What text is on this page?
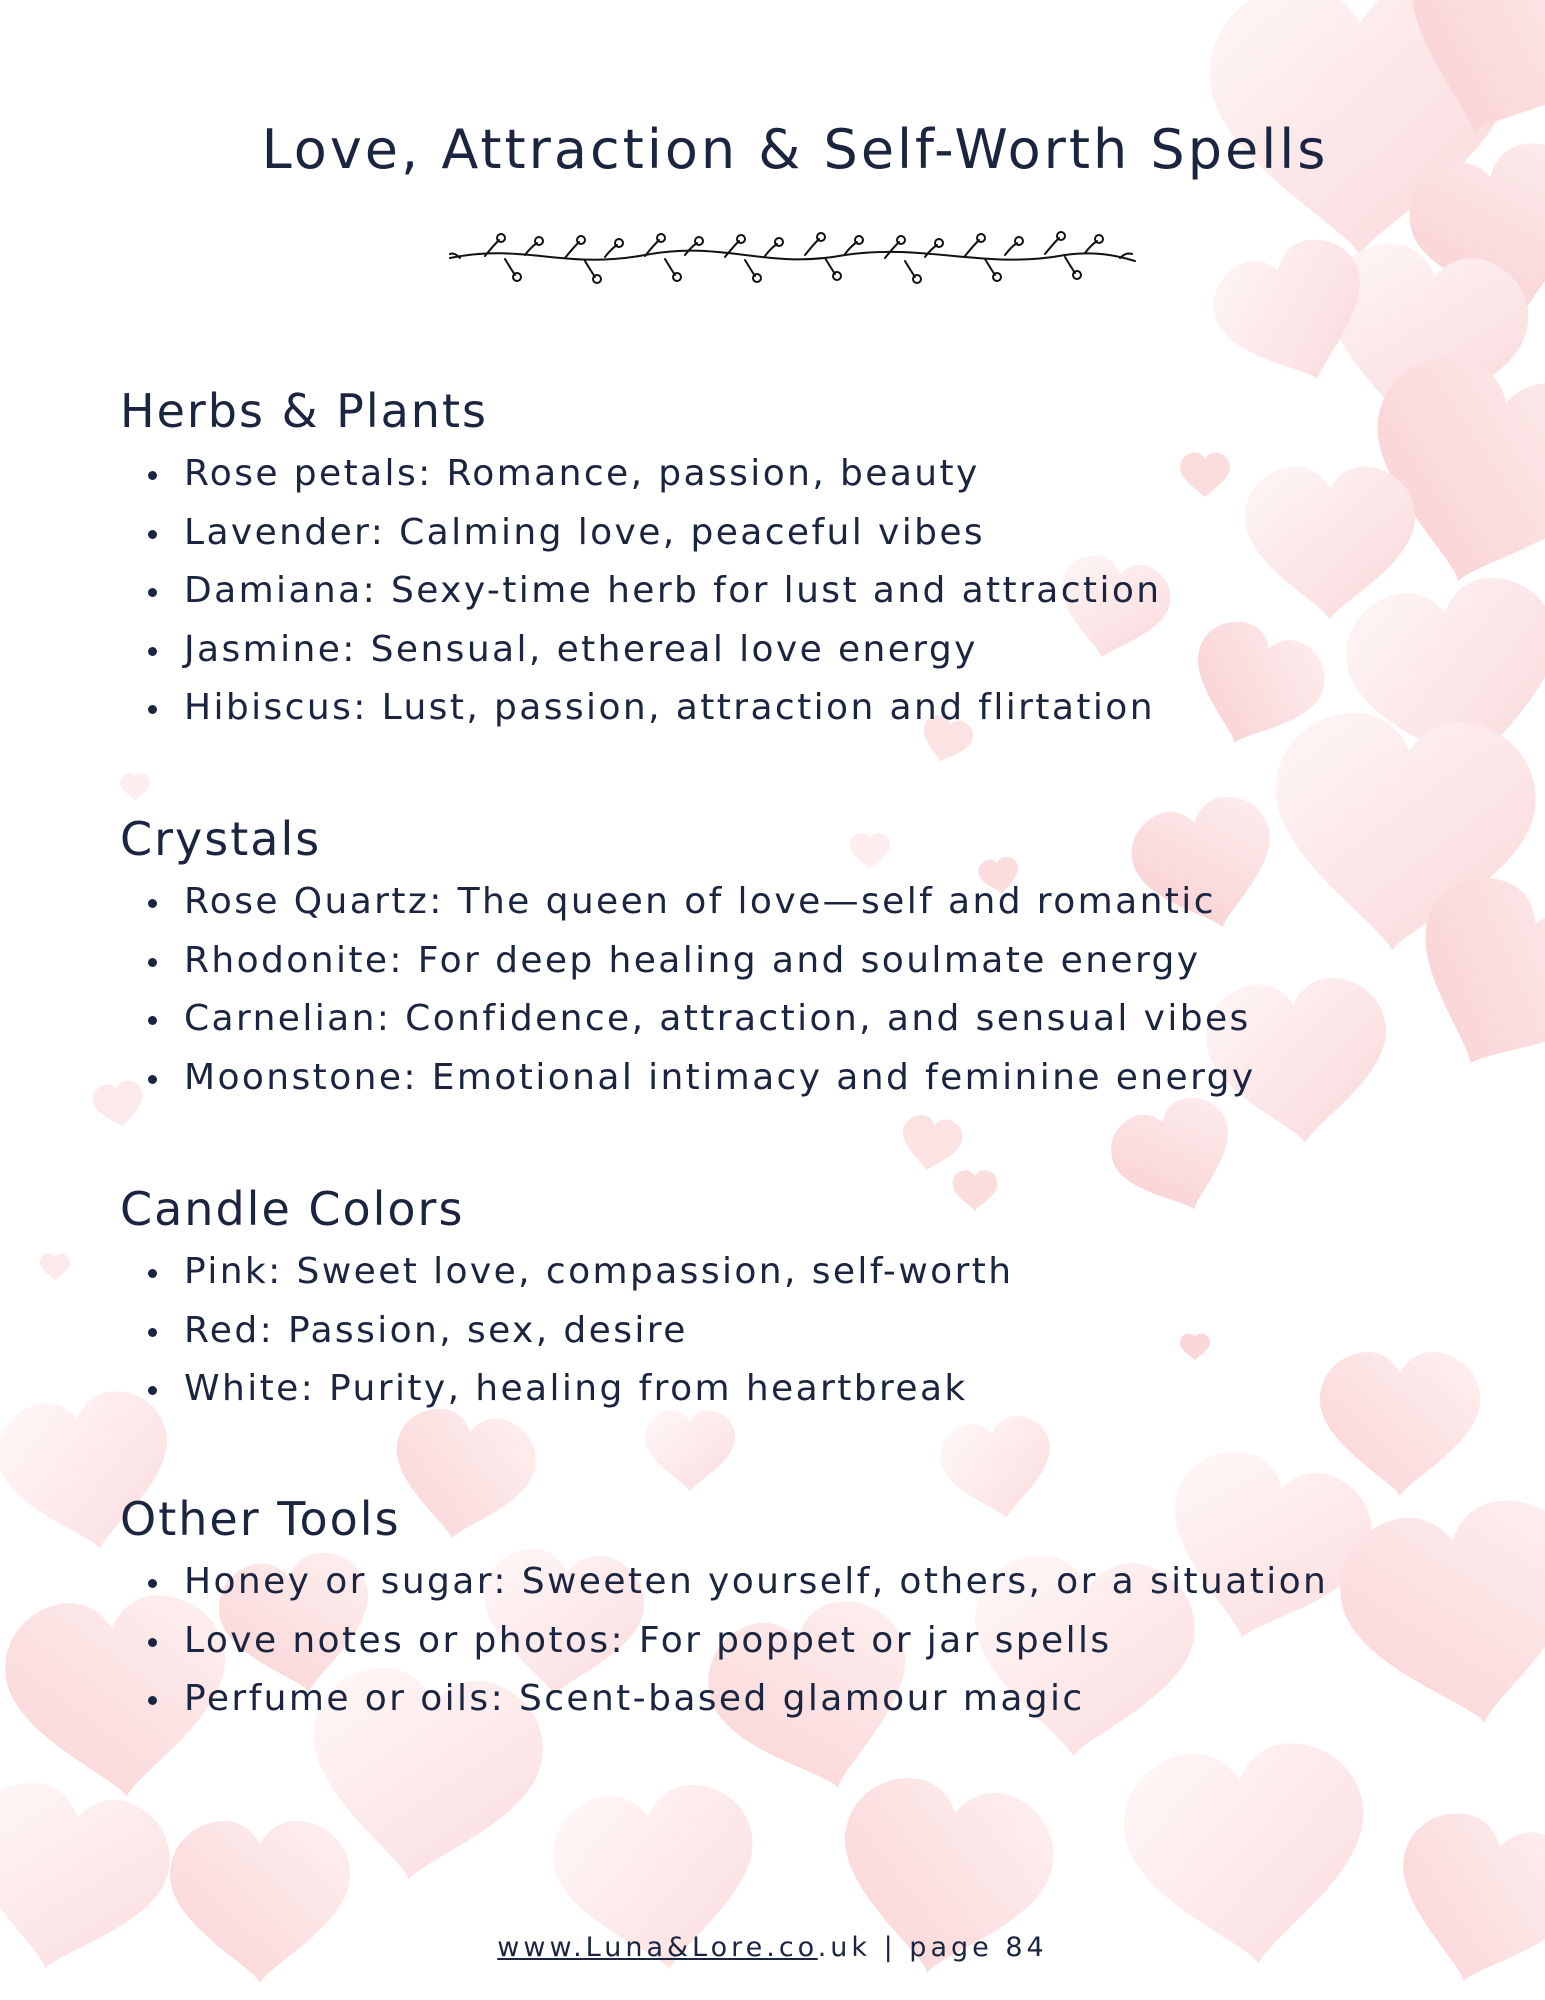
Love, Attraction & Self-Worth Spells
Herbs & Plants
Rose petals: Romance, passion, beauty
Lavender: Calming love, peaceful vibes
Damiana: Sexy-time herb for lust and attraction
Jasmine: Sensual, ethereal love energy
Hibiscus: Lust, passion, attraction and flirtation
Crystals
Rose Quartz: The queen of love—self and romantic
Rhodonite: For deep healing and soulmate energy
Carnelian: Confidence, attraction, and sensual vibes
Moonstone: Emotional intimacy and feminine energy
Candle Colors
Pink: Sweet love, compassion, self-worth
Red: Passion, sex, desire
White: Purity, healing from heartbreak
Other Tools
Honey or sugar: Sweeten yourself, others, or a situation
Love notes or photos: For poppet or jar spells
Perfume or oils: Scent-based glamour magic
www.Luna&Lore.co.uk | page 84
